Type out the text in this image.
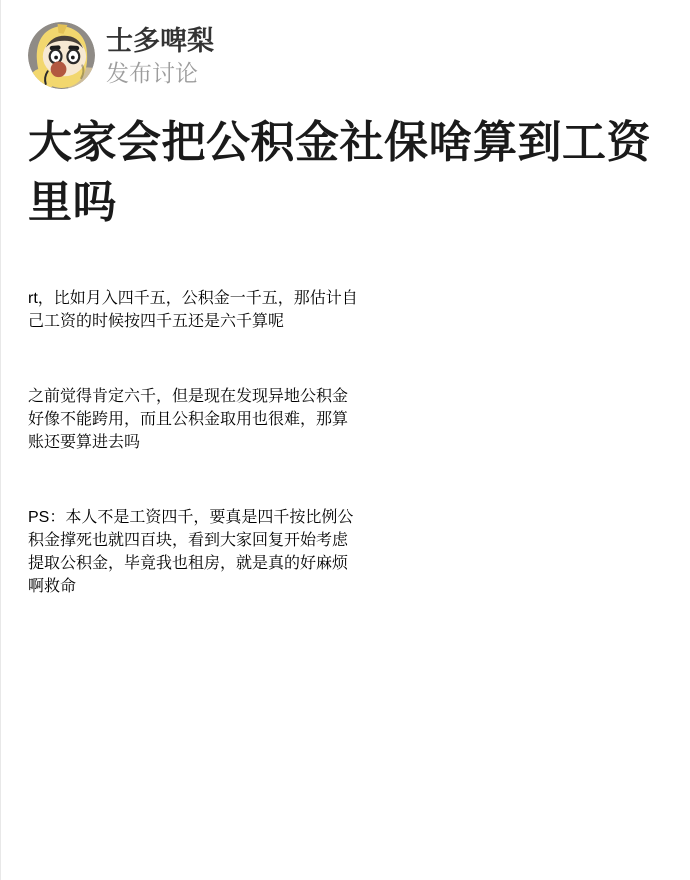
士多啤梨
发布讨论
大家会把公积金社保啥算到工资
里吗

rt，比如月入四千五，公积金一千五，那估计自
己工资的时候按四千五还是六千算呢

之前觉得肯定六千，但是现在发现异地公积金
好像不能跨用，而且公积金取用也很难，那算
账还要算进去吗

PS：本人不是工资四千，要真是四千按比例公
积金撑死也就四百块，看到大家回复开始考虑
提取公积金，毕竟我也租房，就是真的好麻烦
啊救命
